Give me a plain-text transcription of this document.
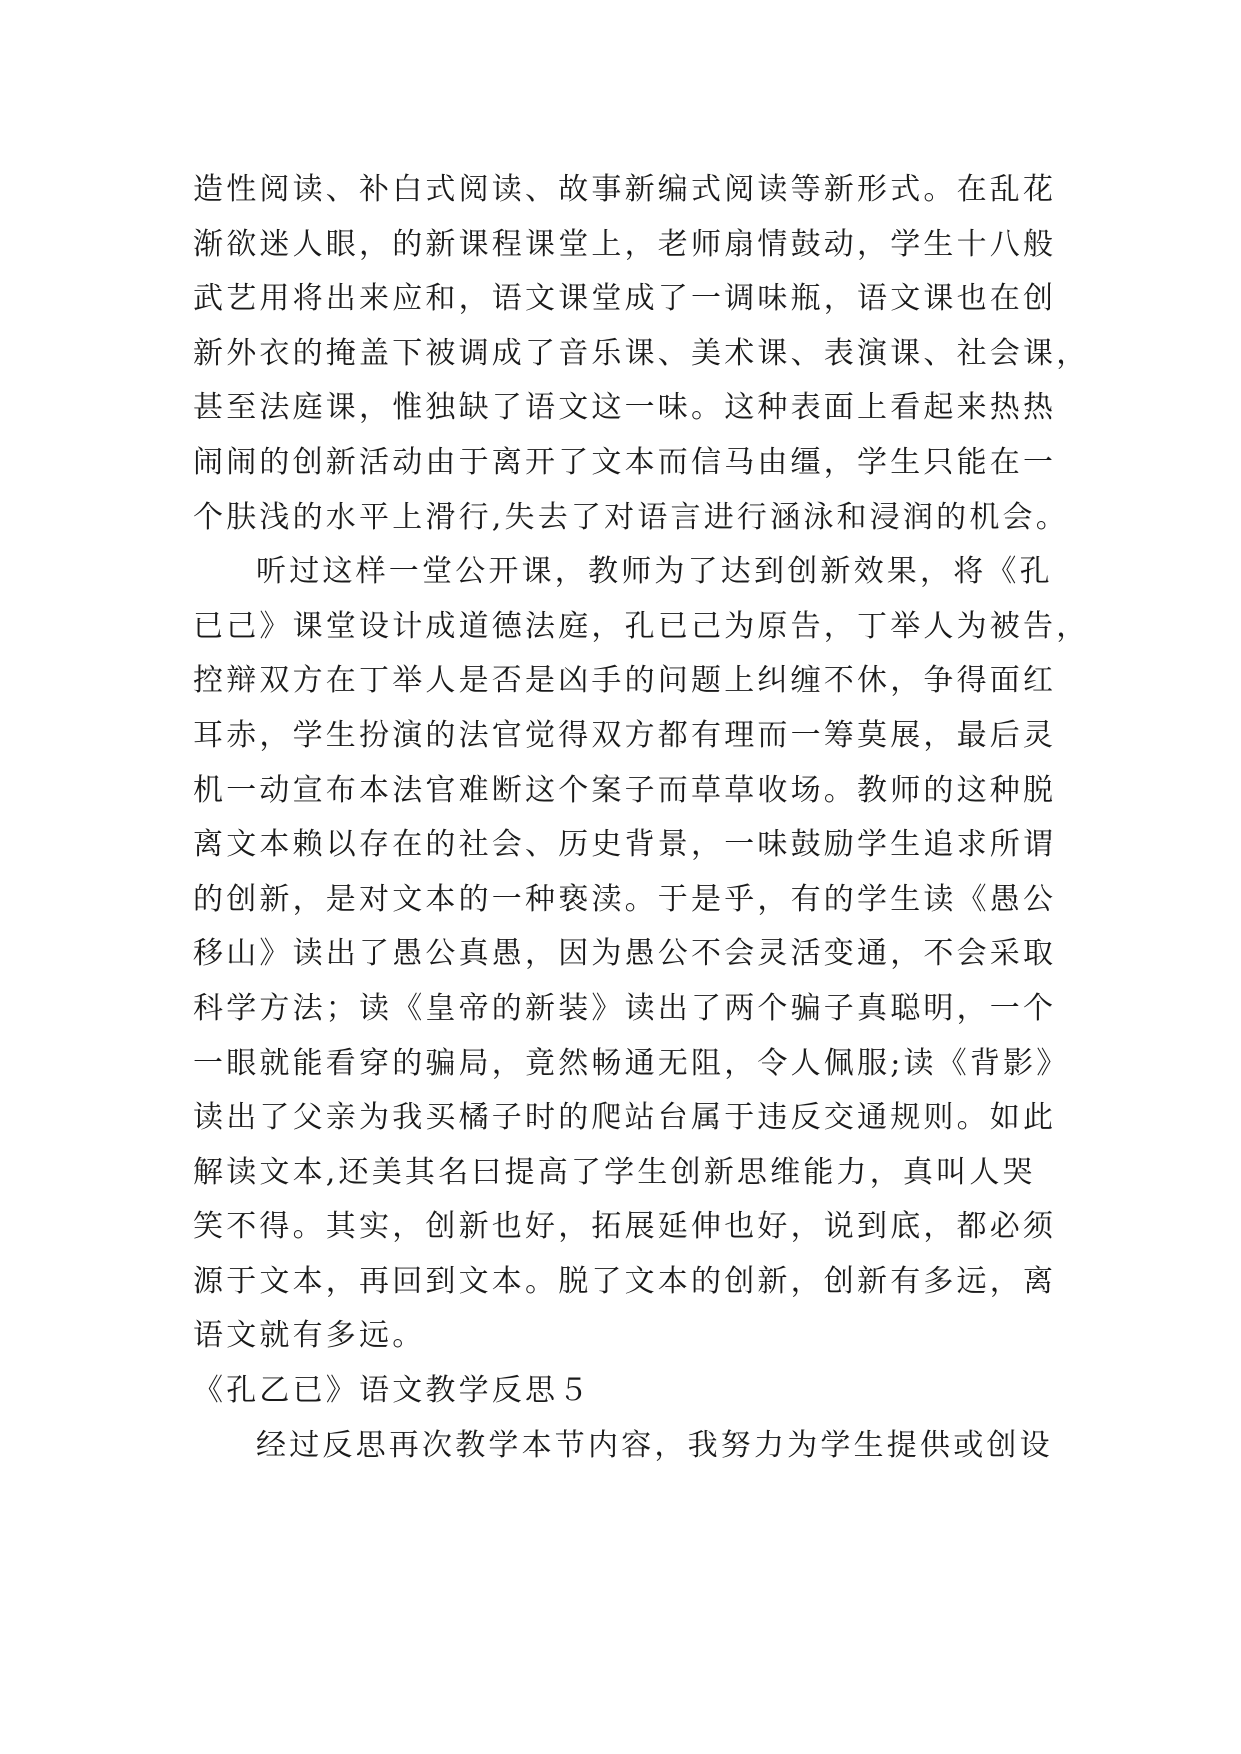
造性阅读、补白式阅读、故事新编式阅读等新形式。在乱花
渐欲迷人眼，的新课程课堂上，老师扇情鼓动，学生十八般
武艺用将出来应和，语文课堂成了一调味瓶，语文课也在创
新外衣的掩盖下被调成了音乐课、美术课、表演课、社会课，
甚至法庭课，惟独缺了语文这一味。这种表面上看起来热热
闹闹的创新活动由于离开了文本而信马由缰，学生只能在一
个肤浅的水平上滑行,失去了对语言进行涵泳和浸润的机会。
听过这样一堂公开课，教师为了达到创新效果，将《孔
已己》课堂设计成道德法庭，孔已己为原告，丁举人为被告，
控辩双方在丁举人是否是凶手的问题上纠缠不休，争得面红
耳赤，学生扮演的法官觉得双方都有理而一筹莫展，最后灵
机一动宣布本法官难断这个案子而草草收场。教师的这种脱
离文本赖以存在的社会、历史背景，一味鼓励学生追求所谓
的创新，是对文本的一种亵渎。于是乎，有的学生读《愚公
移山》读出了愚公真愚，因为愚公不会灵活变通，不会采取
科学方法；读《皇帝的新装》读出了两个骗子真聪明，一个
一眼就能看穿的骗局，竟然畅通无阻，令人佩服;读《背影》
读出了父亲为我买橘子时的爬站台属于违反交通规则。如此
解读文本,还美其名曰提高了学生创新思维能力，真叫人哭
笑不得。其实，创新也好，拓展延伸也好，说到底，都必须
源于文本，再回到文本。脱了文本的创新，创新有多远，离
语文就有多远。
《孔乙已》语文教学反思５
经过反思再次教学本节内容，我努力为学生提供或创设
